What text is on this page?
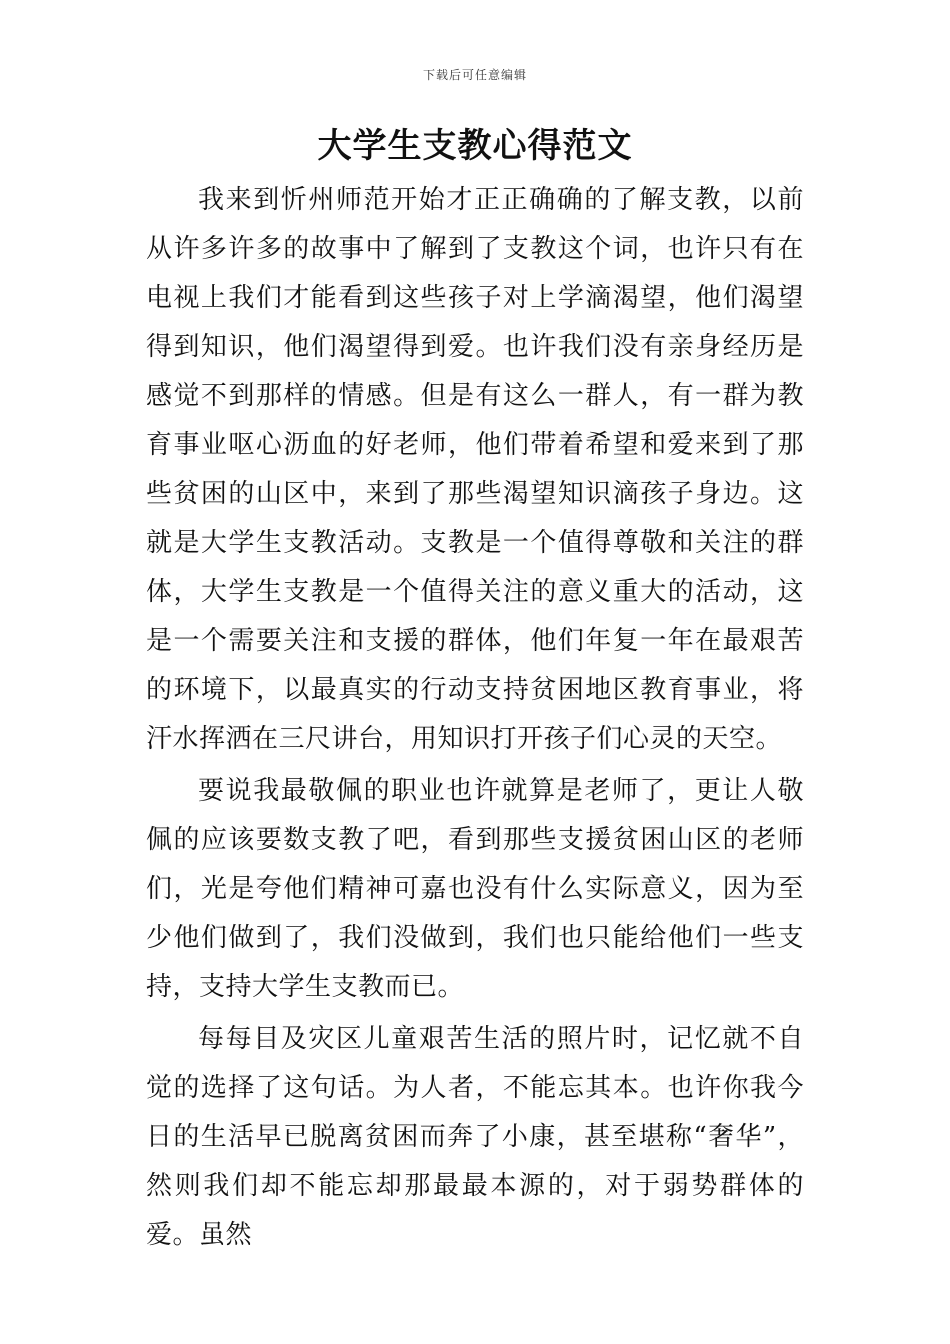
下载后可任意编辑
大学生支教心得范文

我来到忻州师范开始才正正确确的了解支教，以前从许多许多的故事中了解到了支教这个词，也许只有在电视上我们才能看到这些孩子对上学滴渴望，他们渴望得到知识，他们渴望得到爱。也许我们没有亲身经历是感觉不到那样的情感。但是有这么一群人，有一群为教育事业呕心沥血的好老师，他们带着希望和爱来到了那些贫困的山区中，来到了那些渴望知识滴孩子身边。这就是大学生支教活动。支教是一个值得尊敬和关注的群体，大学生支教是一个值得关注的意义重大的活动，这是一个需要关注和支援的群体，他们年复一年在最艰苦的环境下，以最真实的行动支持贫困地区教育事业，将汗水挥洒在三尺讲台，用知识打开孩子们心灵的天空。

要说我最敬佩的职业也许就算是老师了，更让人敬佩的应该要数支教了吧，看到那些支援贫困山区的老师们，光是夸他们精神可嘉也没有什么实际意义，因为至少他们做到了，我们没做到，我们也只能给他们一些支持，支持大学生支教而已。

每每目及灾区儿童艰苦生活的照片时，记忆就不自觉的选择了这句话。为人者，不能忘其本。也许你我今日的生活早已脱离贫困而奔了小康，甚至堪称“奢华”，然则我们却不能忘却那最最本源的，对于弱势群体的爱。虽然
